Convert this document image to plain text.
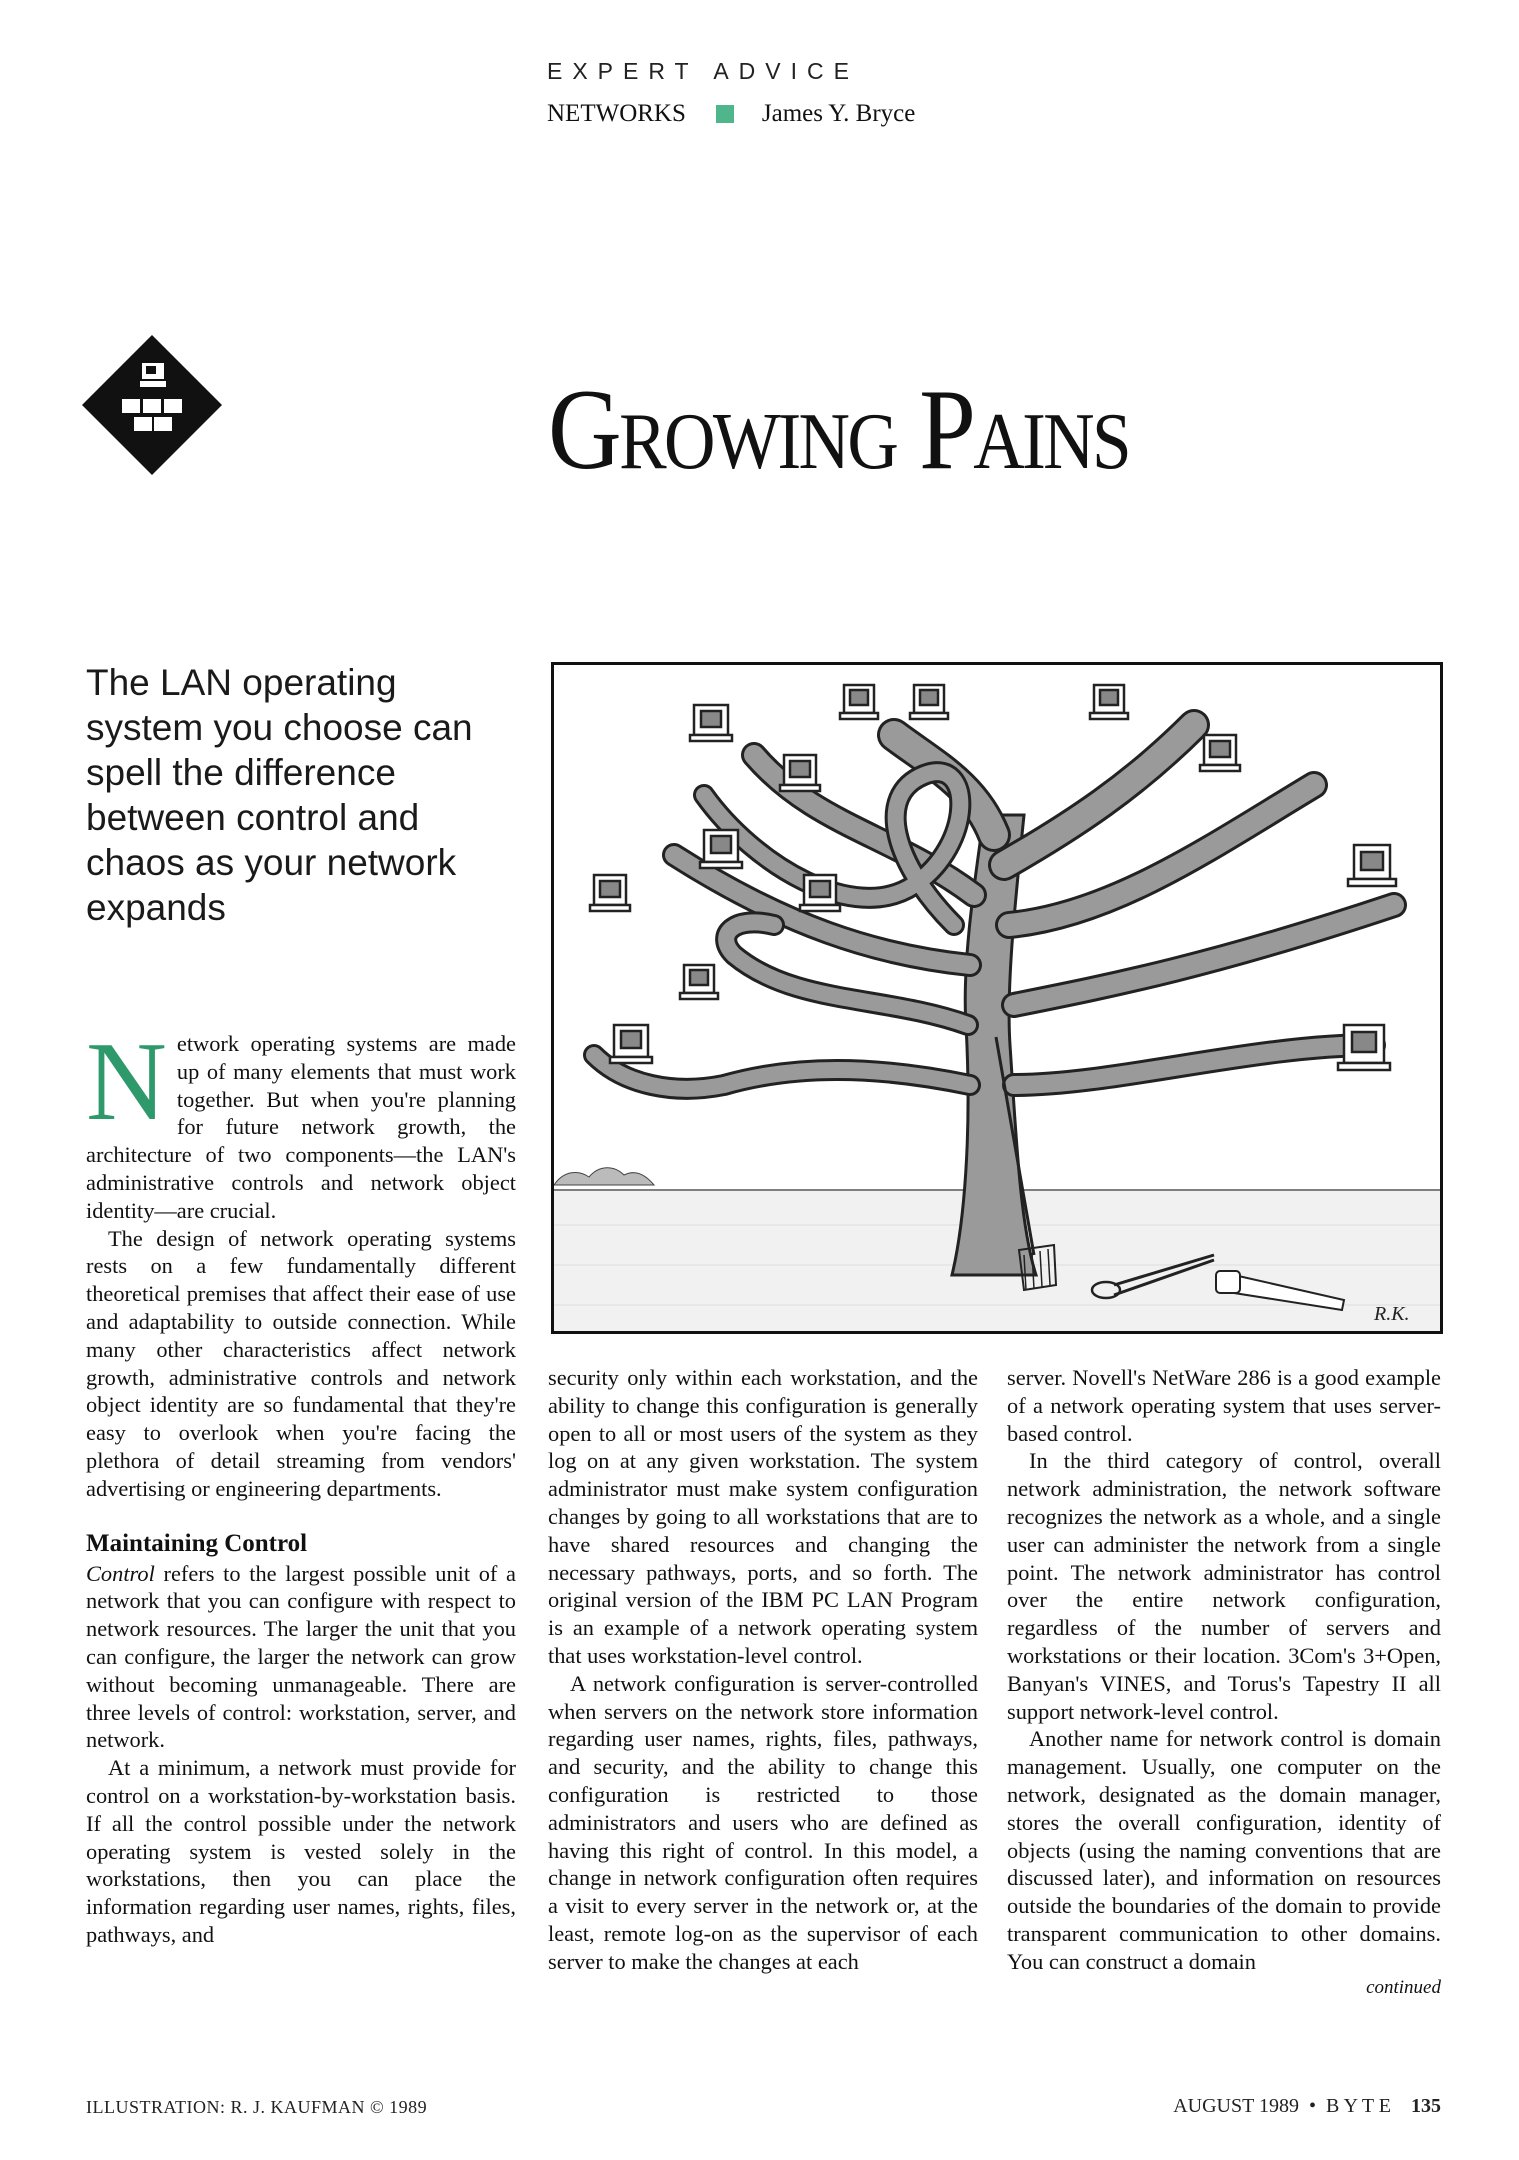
EXPERT ADVICE
NETWORKS	James Y. Bryce
Growing Pains
The LAN operating system you choose can spell the difference between control and chaos as your network expands
R.K.

Network operating systems are made up of many elements that must work together. But when you're planning for future network growth, the architecture of two components—the LAN's administrative controls and network object identity—are crucial.

The design of network operating systems rests on a few fundamentally different theoretical premises that affect their ease of use and adaptability to outside connection. While many other characteristics affect network growth, administrative controls and network object identity are so fundamental that they're easy to overlook when you're facing the plethora of detail streaming from vendors' advertising or engineering departments.

Maintaining Control

Control refers to the largest possible unit of a network that you can configure with respect to network resources. The larger the unit that you can configure, the larger the network can grow without becoming unmanageable. There are three levels of control: workstation, server, and network.

At a minimum, a network must provide for control on a workstation-by-workstation basis. If all the control possible under the network operating system is vested solely in the workstations, then you can place the information regarding user names, rights, files, pathways, and

security only within each workstation, and the ability to change this configuration is generally open to all or most users of the system as they log on at any given workstation. The system administrator must make system configuration changes by going to all workstations that are to have shared resources and changing the necessary pathways, ports, and so forth. The original version of the IBM PC LAN Program is an example of a network operating system that uses workstation-level control.

A network configuration is server-controlled when servers on the network store information regarding user names, rights, files, pathways, and security, and the ability to change this configuration is restricted to those administrators and users who are defined as having this right of control. In this model, a change in network configuration often requires a visit to every server in the network or, at the least, remote log-on as the supervisor of each server to make the changes at each

server. Novell's NetWare 286 is a good example of a network operating system that uses server-based control.

In the third category of control, overall network administration, the network software recognizes the network as a whole, and a single user can administer the network from a single point. The network administrator has control over the entire network configuration, regardless of the number of servers and workstations or their location. 3Com's 3+Open, Banyan's VINES, and Torus's Tapestry II all support network-level control.

Another name for network control is domain management. Usually, one computer on the network, designated as the domain manager, stores the overall configuration, identity of objects (using the naming conventions that are discussed later), and information on resources outside the boundaries of the domain to provide transparent communication to other domains. You can construct a domain

continued
ILLUSTRATION: R. J. KAUFMAN © 1989	AUGUST 1989 • B Y T E 135
